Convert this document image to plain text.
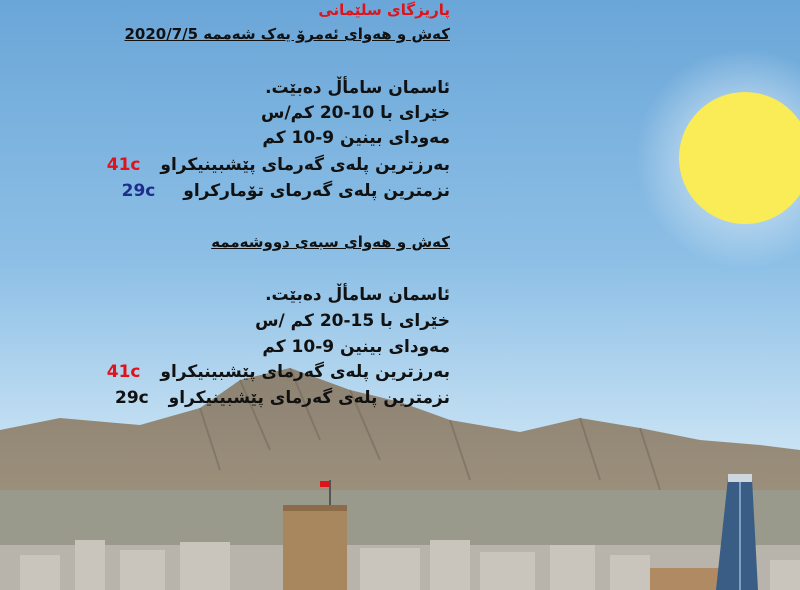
پاریزگای سلێمانی
کەش و هەوای ئەمرۆ یەک شەممە 2020/7/5
ئاسمان سامأڵ دەبێت.
خێرای با 10-20 کم/س
مەودای بینین 9-10 کم
بەرزترین پلەی گەرمای پێشبینیکراو 41c
نزمترین پلەی گەرمای تۆمارکراو 29c
کەش و هەوای سبەی دووشەممە
ئاسمان سامأڵ دەبێت.
خێرای با 15-20 کم /س
مەودای بینین 9-10 کم
بەرزترین پلەی گەرمای پێشبینیکراو 41c
نزمترین پلەی گەرمای پێشبینیکراو 29c
